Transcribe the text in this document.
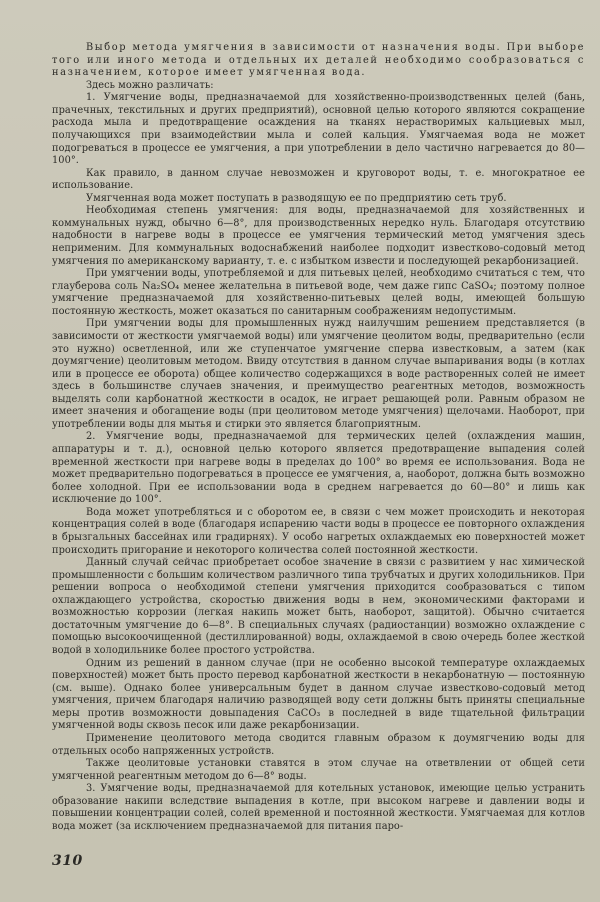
Выбор метода умягчения в зависимости от назначения воды. При выборе того или иного метода и отдельных их деталей необходимо сообразоваться с назначением, которое имеет умягченная вода.

Здесь можно различать:

1. Умягчение воды, предназначаемой для хозяйственно-производственных целей (бань, прачечных, текстильных и других предприятий), основной целью которого являются сокращение расхода мыла и предотвращение осаждения на тканях нерастворимых кальциевых мыл, получающихся при взаимодействии мыла и солей кальция. Умягчаемая вода не может подогреваться в процессе ее умягчения, а при употреблении в дело частично нагревается до 80—100°.

Как правило, в данном случае невозможен и круговорот воды, т. е. многократное ее использование.

Умягченная вода может поступать в разводящую ее по предприятию сеть труб.

Необходимая степень умягчения: для воды, предназначаемой для хозяйственных и коммунальных нужд, обычно 6—8°, для производственных нередко нуль. Благодаря отсутствию надобности в нагреве воды в процессе ее умягчения термический метод умягчения здесь неприменим. Для коммунальных водоснабжений наиболее подходит известково-содовый метод умягчения по американскому варианту, т. е. с избытком извести и последующей рекарбонизацией.

При умягчении воды, употребляемой и для питьевых целей, необходимо считаться с тем, что глауберова соль Na₂SO₄ менее желательна в питьевой воде, чем даже гипс CaSO₄; поэтому полное умягчение предназначаемой для хозяйственно-питьевых целей воды, имеющей большую постоянную жесткость, может оказаться по санитарным соображениям недопустимым.

При умягчении воды для промышленных нужд наилучшим решением представляется (в зависимости от жесткости умягчаемой воды) или умягчение цеолитом воды, предварительно (если это нужно) осветленной, или же ступенчатое умягчение сперва известковым, а затем (как доумягчение) цеолитовым методом. Ввиду отсутствия в данном случае выпаривания воды (в котлах или в процессе ее оборота) общее количество содержащихся в воде растворенных солей не имеет здесь в большинстве случаев значения, и преимущество реагентных методов, возможность выделять соли карбонатной жесткости в осадок, не играет решающей роли. Равным образом не имеет значения и обогащение воды (при цеолитовом методе умягчения) щелочами. Наоборот, при употреблении воды для мытья и стирки это является благоприятным.

2. Умягчение воды, предназначаемой для термических целей (охлаждения машин, аппаратуры и т. д.), основной целью которого является предотвращение выпадения солей временной жесткости при нагреве воды в пределах до 100° во время ее использования. Вода не может предварительно подогреваться в процессе ее умягчения, а, наоборот, должна быть возможно более холодной. При ее использовании вода в среднем нагревается до 60—80° и лишь как исключение до 100°.

Вода может употребляться и с оборотом ее, в связи с чем может происходить и некоторая концентрация солей в воде (благодаря испарению части воды в процессе ее повторного охлаждения в брызгальных бассейнах или градирнях). У особо нагретых охлаждаемых ею поверхностей может происходить пригорание и некоторого количества солей постоянной жесткости.

Данный случай сейчас приобретает особое значение в связи с развитием у нас химической промышленности с большим количеством различного типа трубчатых и других холодильников. При решении вопроса о необходимой степени умягчения приходится сообразоваться с типом охлаждающего устройства, скоростью движения воды в нем, экономическими факторами и возможностью коррозии (легкая накипь может быть, наоборот, защитой). Обычно считается достаточным умягчение до 6—8°. В специальных случаях (радиостанции) возможно охлаждение с помощью высокоочищенной (дестиллированной) воды, охлаждаемой в свою очередь более жесткой водой в холодильнике более простого устройства.

Одним из решений в данном случае (при не особенно высокой температуре охлаждаемых поверхностей) может быть просто перевод карбонатной жесткости в некарбонатную — постоянную (см. выше). Однако более универсальным будет в данном случае известково-содовый метод умягчения, причем благодаря наличию разводящей воду сети должны быть приняты специальные меры против возможности довыпадения CaCO₃ в последней в виде тщательной фильтрации умягченной воды сквозь песок или даже рекарбонизации.

Применение цеолитового метода сводится главным образом к доумягчению воды для отдельных особо напряженных устройств.

Также цеолитовые установки ставятся в этом случае на ответвлении от общей сети умягченной реагентным методом до 6—8° воды.

3. Умягчение воды, предназначаемой для котельных установок, имеющие целью устранить образование накипи вследствие выпадения в котле, при высоком нагреве и давлении воды и повышении концентрации солей, солей временной и постоянной жесткости. Умягчаемая для котлов вода может (за исключением предназначаемой для питания паро-

310
